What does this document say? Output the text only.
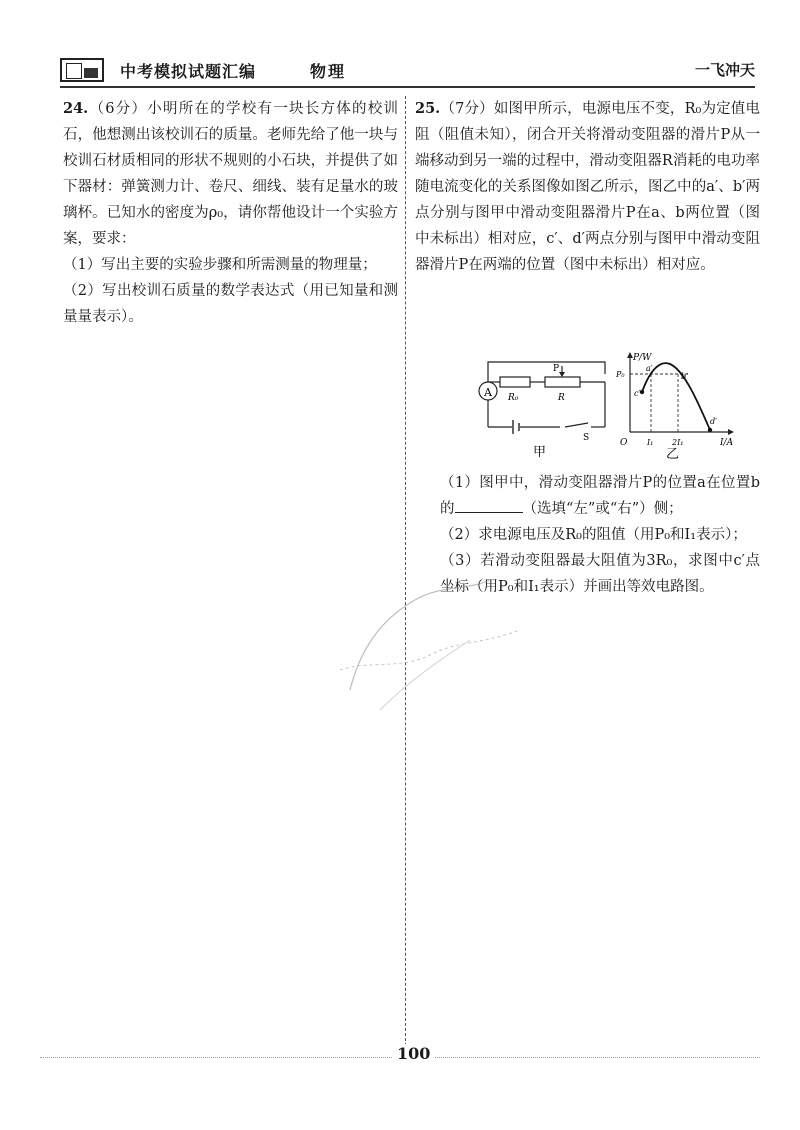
中考模拟试题汇编	物理	一飞冲天

24.（6分）小明所在的学校有一块长方体的校训石，他想测出该校训石的质量。老师先给了他一块与校训石材质相同的形状不规则的小石块，并提供了如下器材：弹簧测力计、卷尺、细线、装有足量水的玻璃杯。已知水的密度为ρ₀，请你帮他设计一个实验方案，要求：

（1）写出主要的实验步骤和所需测量的物理量；

（2）写出校训石质量的数学表达式（用已知量和测量量表示）。

25.（7分）如图甲所示，电源电压不变，R₀为定值电阻（阻值未知），闭合开关将滑动变阻器的滑片P从一端移动到另一端的过程中，滑动变阻器R消耗的电功率随电流变化的关系图像如图乙所示，图乙中的a′、b′两点分别与图甲中滑动变阻器滑片P在a、b两位置（图中未标出）相对应，c′、d′两点分别与图甲中滑动变阻器滑片P在两端的位置（图中未标出）相对应。

A R₀	R
P
S
甲
P/W
I/A
O
P₀
I₁ 2I₁
a′
b′
c′
d′
乙

（1）图甲中，滑动变阻器滑片P的位置a在位置b的	（选填“左”或“右”）侧；

（2）求电源电压及R₀的阻值（用P₀和I₁表示）；

（3）若滑动变阻器最大阻值为3R₀，求图中c′点坐标（用P₀和I₁表示）并画出等效电路图。

100
